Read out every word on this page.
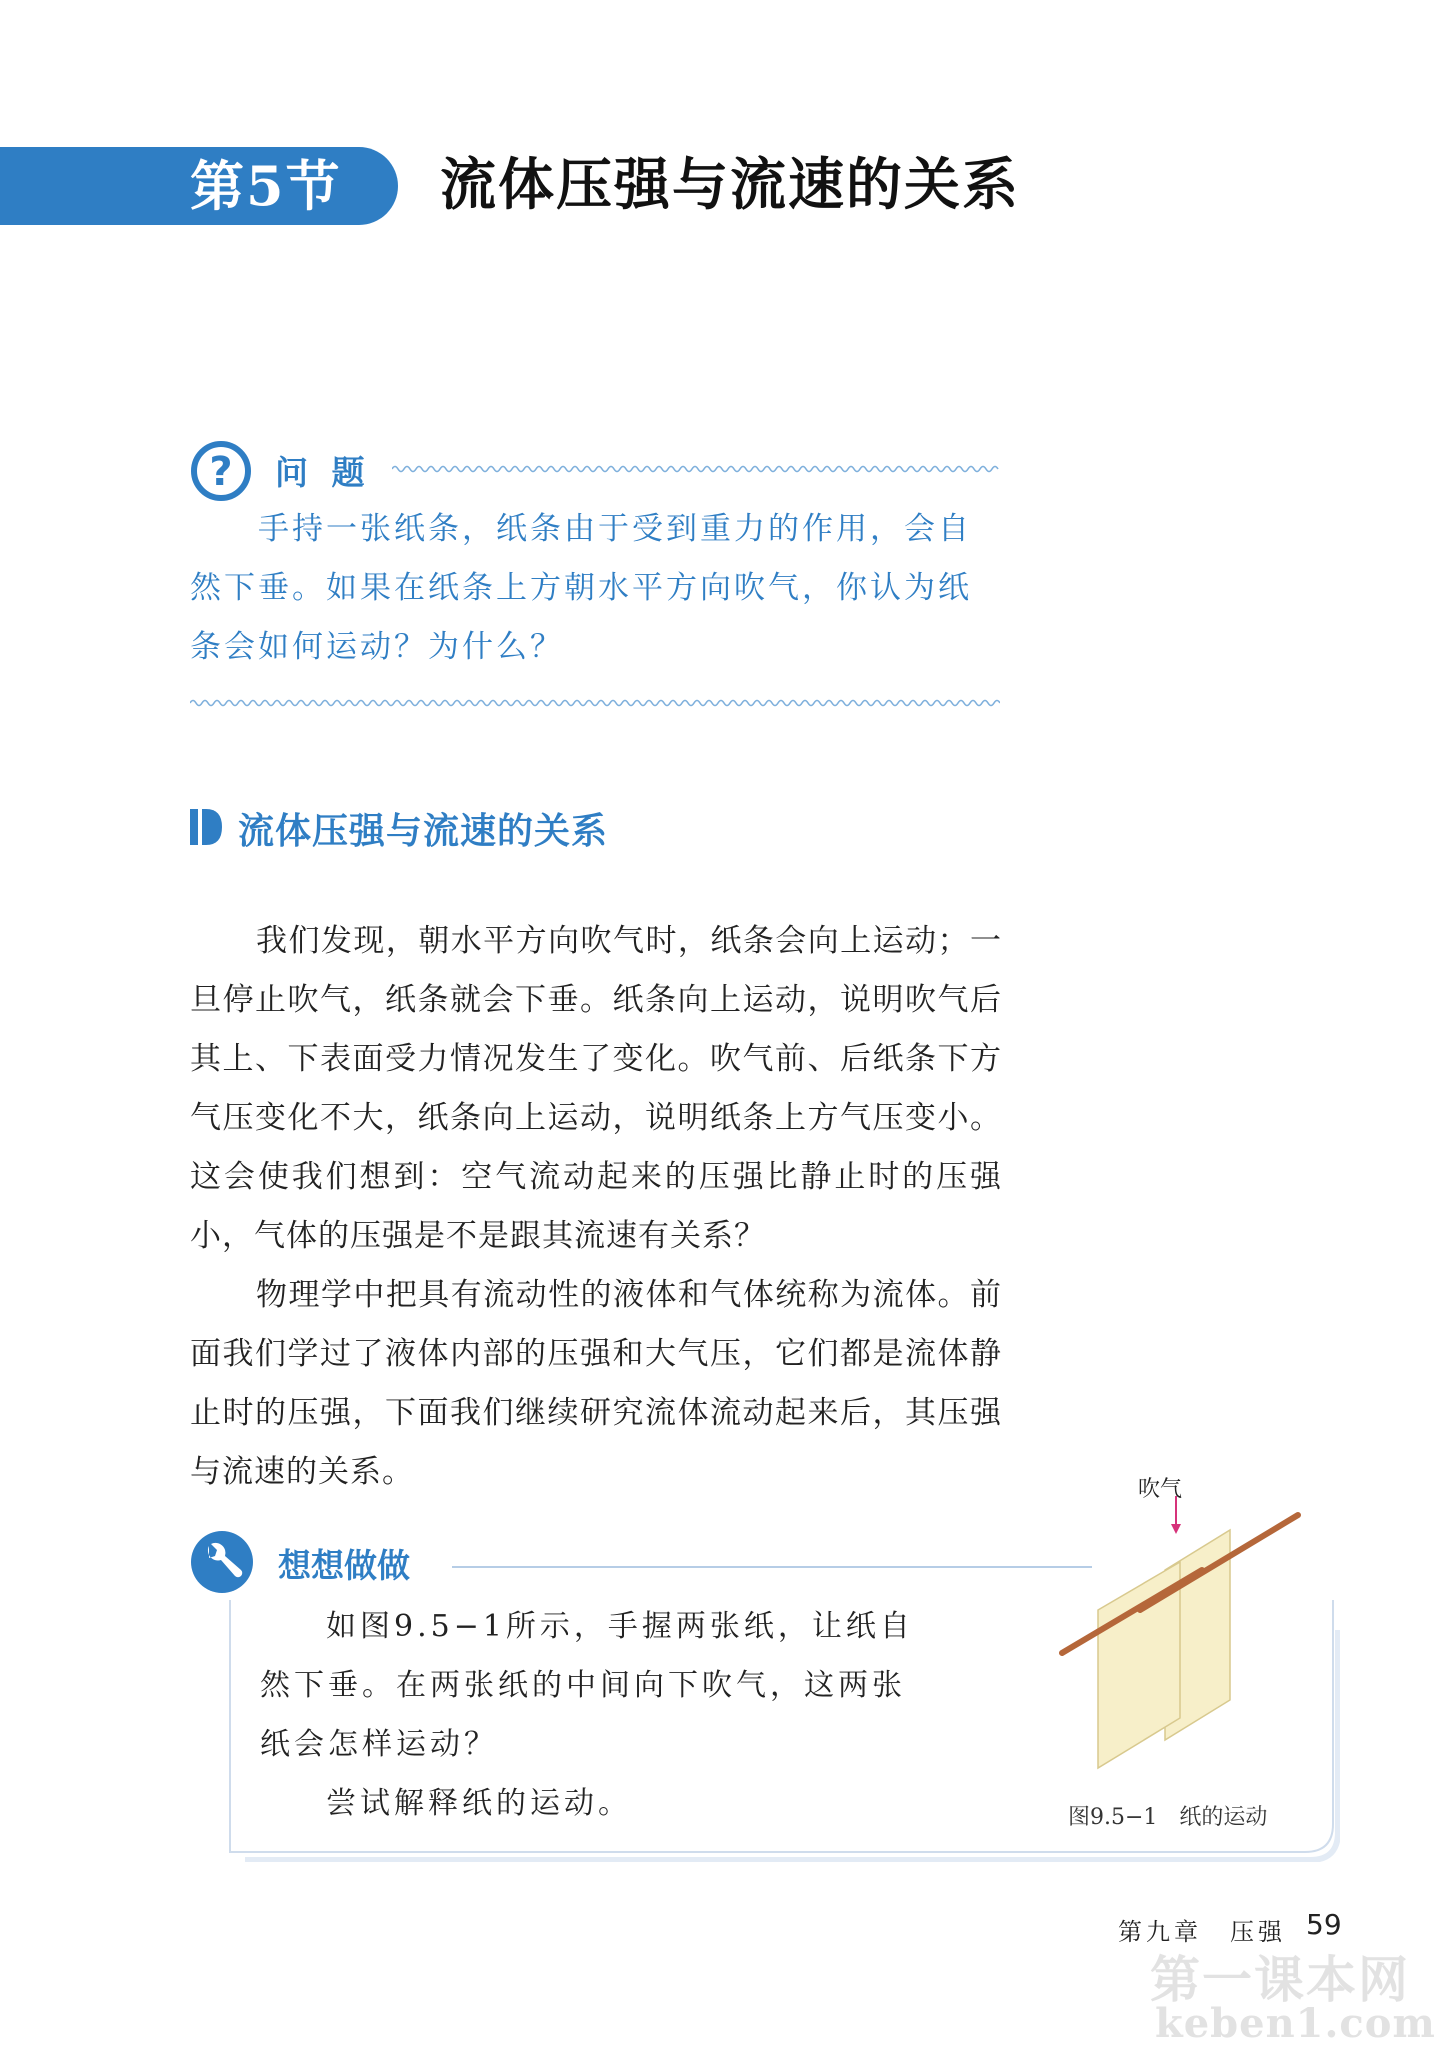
第5节 流体压强与流速的关系
? 问 题
手持一张纸条，纸条由于受到重力的作用，会自然下垂。如果在纸条上方朝水平方向吹气，你认为纸条会如何运动？为什么？
流体压强与流速的关系

我们发现，朝水平方向吹气时，纸条会向上运动；一旦停止吹气，纸条就会下垂。纸条向上运动，说明吹气后其上、下表面受力情况发生了变化。吹气前、后纸条下方气压变化不大，纸条向上运动，说明纸条上方气压变小。这会使我们想到：空气流动起来的压强比静止时的压强小，气体的压强是不是跟其流速有关系？

物理学中把具有流动性的液体和气体统称为流体。前面我们学过了液体内部的压强和大气压，它们都是流体静止时的压强，下面我们继续研究流体流动起来后，其压强与流速的关系。

想想做做

如图9.5−1所示，手握两张纸，让纸自然下垂。在两张纸的中间向下吹气，这两张纸会怎样运动？

尝试解释纸的运动。

吹气
图9.5−1　纸的运动
第九章　压强 59
第一课本网
keben1.com
